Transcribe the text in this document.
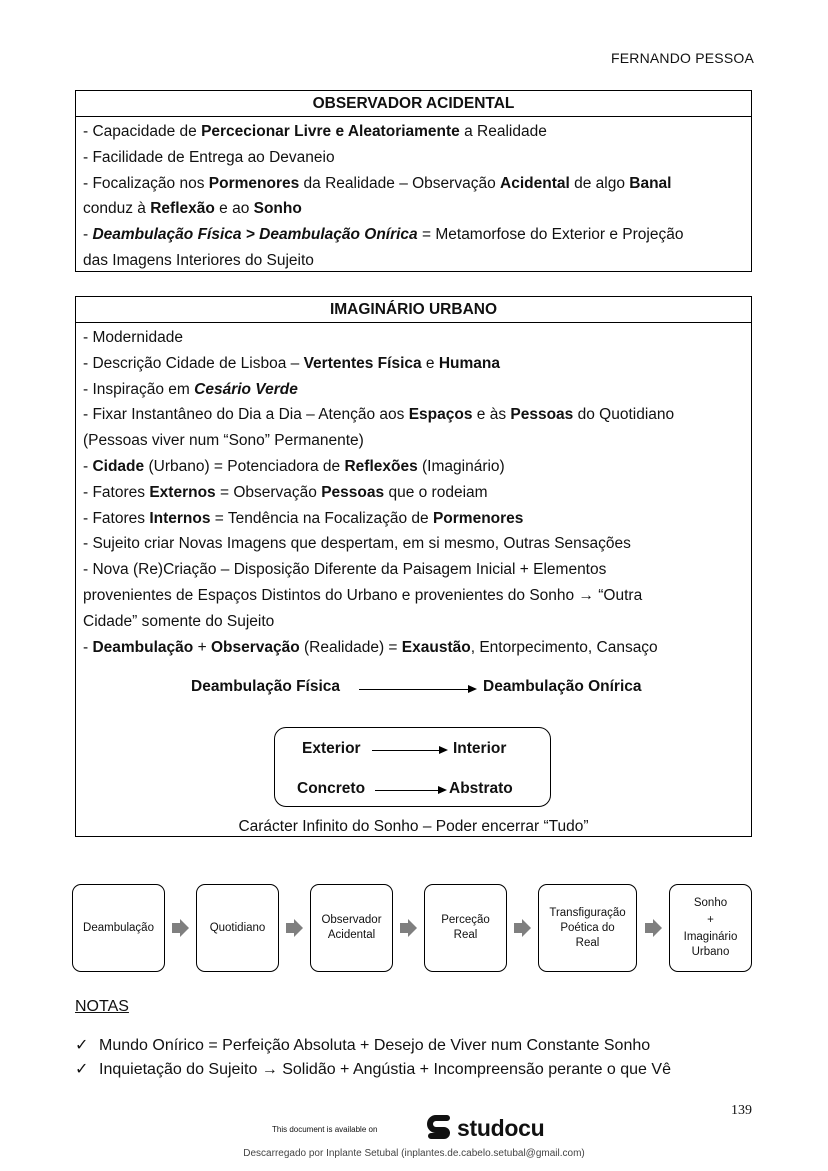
FERNANDO PESSOA
OBSERVADOR ACIDENTAL
- Capacidade de Percecionar Livre e Aleatoriamente a Realidade
- Facilidade de Entrega ao Devaneio
- Focalização nos Pormenores da Realidade – Observação Acidental de algo Banal
conduz à Reflexão e ao Sonho
- Deambulação Física > Deambulação Onírica = Metamorfose do Exterior e Projeção
das Imagens Interiores do Sujeito
IMAGINÁRIO URBANO
- Modernidade
- Descrição Cidade de Lisboa – Vertentes Física e Humana
- Inspiração em Cesário Verde
- Fixar Instantâneo do Dia a Dia – Atenção aos Espaços e às Pessoas do Quotidiano
(Pessoas viver num “Sono” Permanente)
- Cidade (Urbano) = Potenciadora de Reflexões (Imaginário)
- Fatores Externos = Observação Pessoas que o rodeiam
- Fatores Internos = Tendência na Focalização de Pormenores
- Sujeito criar Novas Imagens que despertam, em si mesmo, Outras Sensações
- Nova (Re)Criação – Disposição Diferente da Paisagem Inicial + Elementos
provenientes de Espaços Distintos do Urbano e provenientes do Sonho → “Outra
Cidade” somente do Sujeito
- Deambulação + Observação (Realidade) = Exaustão, Entorpecimento, Cansaço
Deambulação Física	Deambulação Onírica
Exterior	Interior
Concreto	Abstrato
Carácter Infinito do Sonho – Poder encerrar “Tudo”
Deambulação	Quotidiano
Observador
Acidental
Perceção
Real
Transfiguração
Poética do
Real
Sonho
+
Imaginário
Urbano
NOTAS
✓ Mundo Onírico = Perfeição Absoluta + Desejo de Viver num Constante Sonho
✓ Inquietação do Sujeito → Solidão + Angústia + Incompreensão perante o que Vê
139
This document is available on	studocu
Descarregado por Inplante Setubal (inplantes.de.cabelo.setubal@gmail.com)
